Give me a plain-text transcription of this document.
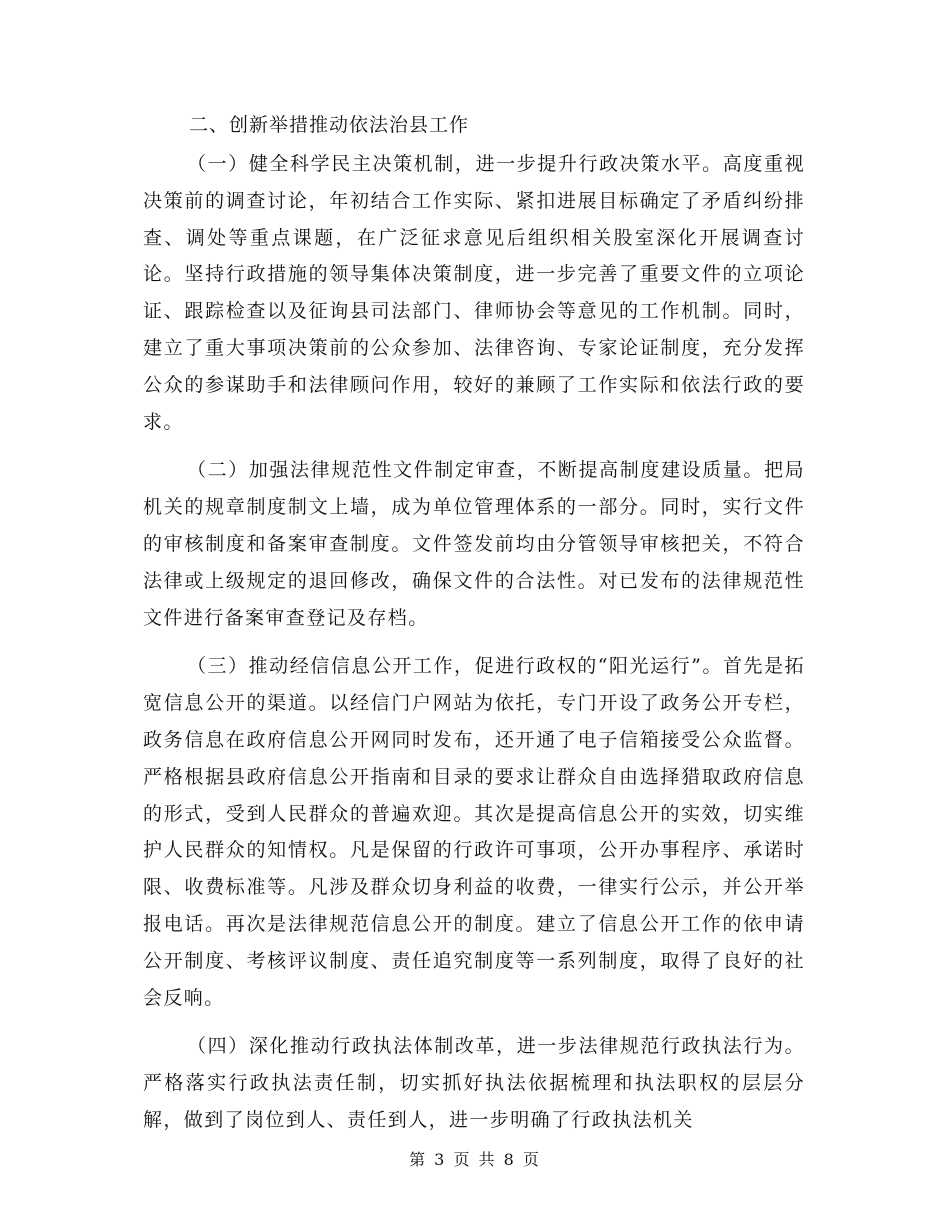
二、创新举措推动依法治县工作

（一）健全科学民主决策机制，进一步提升行政决策水平。高度重视决策前的调查讨论，年初结合工作实际、紧扣进展目标确定了矛盾纠纷排查、调处等重点课题，在广泛征求意见后组织相关股室深化开展调查讨论。坚持行政措施的领导集体决策制度，进一步完善了重要文件的立项论证、跟踪检查以及征询县司法部门、律师协会等意见的工作机制。同时，建立了重大事项决策前的公众参加、法律咨询、专家论证制度，充分发挥公众的参谋助手和法律顾问作用，较好的兼顾了工作实际和依法行政的要求。

（二）加强法律规范性文件制定审查，不断提高制度建设质量。把局机关的规章制度制文上墙，成为单位管理体系的一部分。同时，实行文件的审核制度和备案审查制度。文件签发前均由分管领导审核把关，不符合法律或上级规定的退回修改，确保文件的合法性。对已发布的法律规范性文件进行备案审查登记及存档。

（三）推动经信信息公开工作，促进行政权的“阳光运行”。首先是拓宽信息公开的渠道。以经信门户网站为依托，专门开设了政务公开专栏，政务信息在政府信息公开网同时发布，还开通了电子信箱接受公众监督。严格根据县政府信息公开指南和目录的要求让群众自由选择猎取政府信息的形式，受到人民群众的普遍欢迎。其次是提高信息公开的实效，切实维护人民群众的知情权。凡是保留的行政许可事项，公开办事程序、承诺时限、收费标准等。凡涉及群众切身利益的收费，一律实行公示，并公开举报电话。再次是法律规范信息公开的制度。建立了信息公开工作的依申请公开制度、考核评议制度、责任追究制度等一系列制度，取得了良好的社会反响。

（四）深化推动行政执法体制改革，进一步法律规范行政执法行为。严格落实行政执法责任制，切实抓好执法依据梳理和执法职权的层层分解，做到了岗位到人、责任到人，进一步明确了行政执法机关

第 3 页 共 8 页
